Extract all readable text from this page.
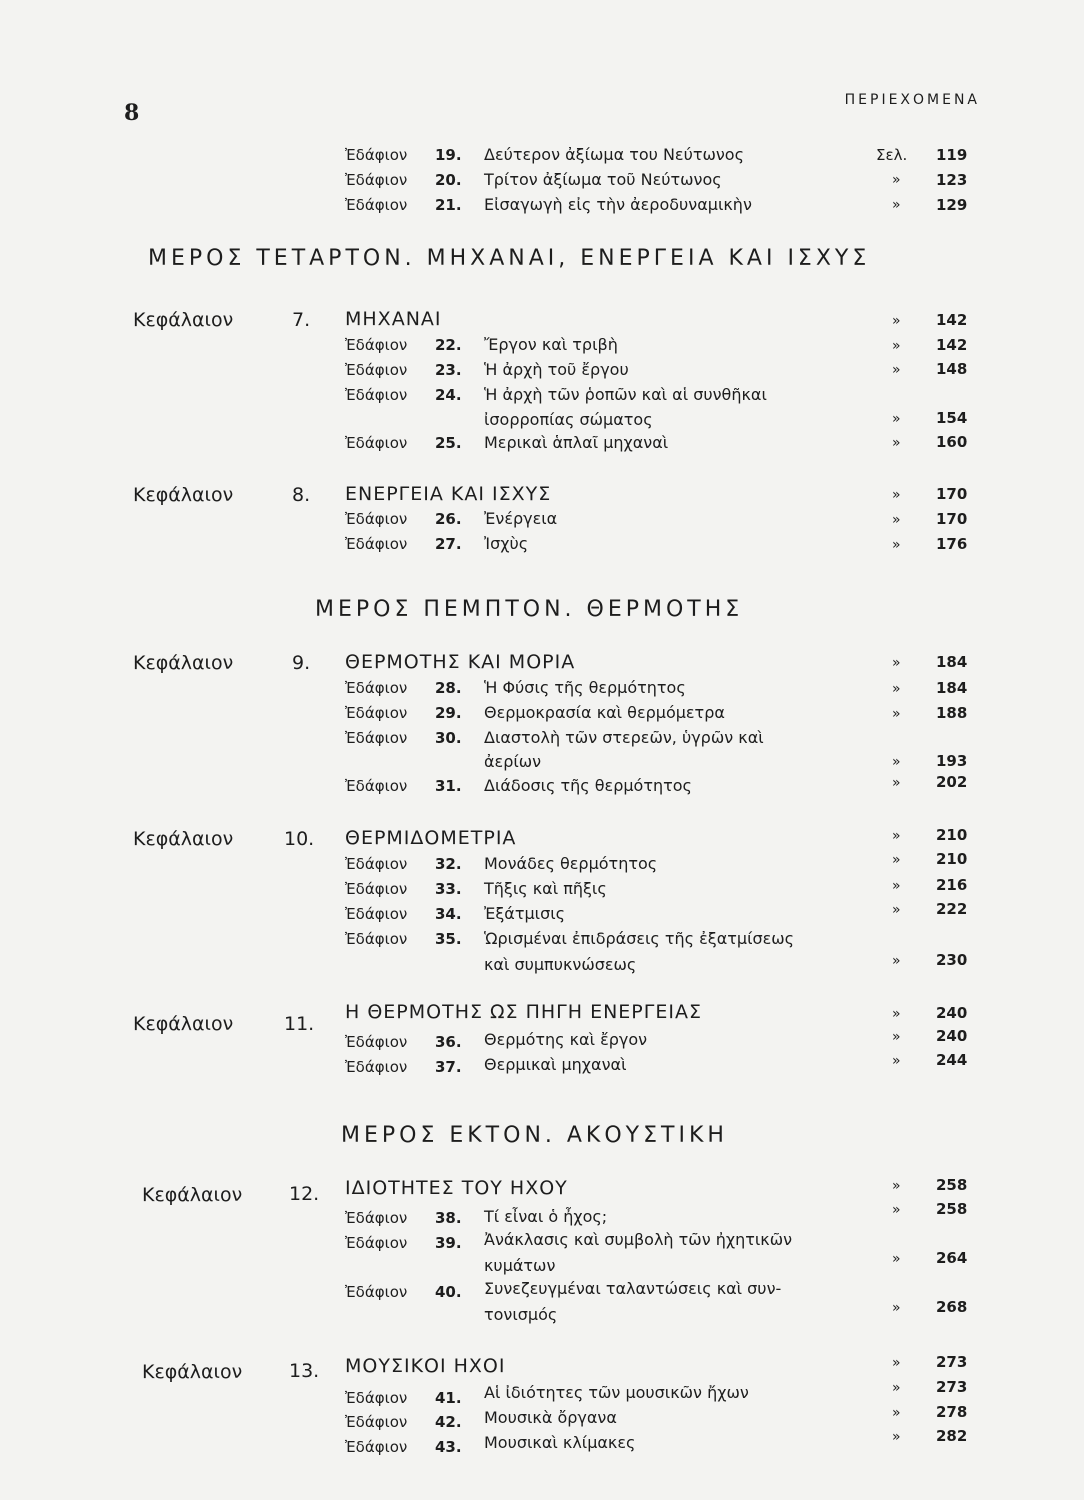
8	ΠΕΡΙΕΧΟΜΕΝΑ
Ἐδάφιον 19. Δεύτερον ἀξίωμα του Νεύτωνος	Σελ. 119
Ἐδάφιον 20. Τρίτον ἀξίωμα τοῦ Νεύτωνος	» 123
Ἐδάφιον 21. Εἰσαγωγὴ εἰς τὴν ἀεροδυναμικὴν	» 129
ΜΕΡΟΣ ΤΕΤΑΡΤΟΝ. ΜΗΧΑΝΑΙ, ΕΝΕΡΓΕΙΑ ΚΑΙ ΙΣΧΥΣ
Κεφάλαιον	7. ΜΗΧΑΝΑΙ	» 142
Ἐδάφιον 22. Ἔργον καὶ τριβὴ	» 142
Ἐδάφιον 23. Ἡ ἀρχὴ τοῦ ἔργου	» 148
Ἐδάφιον 24. Ἡ ἀρχὴ τῶν ῥοπῶν καὶ αἱ συνθῆκαι
ἰσορροπίας σώματος	» 154
Ἐδάφιον 25. Μερικαὶ ἁπλαῖ μηχαναὶ	» 160
Κεφάλαιον	8. ΕΝΕΡΓΕΙΑ ΚΑΙ ΙΣΧΥΣ	» 170
Ἐδάφιον 26. Ἐνέργεια	» 170
Ἐδάφιον 27. Ἰσχὺς	» 176
ΜΕΡΟΣ ΠΕΜΠΤΟΝ. ΘΕΡΜΟΤΗΣ
Κεφάλαιον	9. ΘΕΡΜΟΤΗΣ ΚΑΙ ΜΟΡΙΑ	» 184
Ἐδάφιον 28. Ἡ Φύσις τῆς θερμότητος	» 184
Ἐδάφιον 29. Θερμοκρασία καὶ θερμόμετρα	» 188
Ἐδάφιον 30. Διαστολὴ τῶν στερεῶν, ὑγρῶν καὶ
ἀερίων	» 193
Ἐδάφιον 31. Διάδοσις τῆς θερμότητος	» 202
Κεφάλαιον	10. ΘΕΡΜΙΔΟΜΕΤΡΙΑ	» 210
Ἐδάφιον 32. Μονάδες θερμότητος	» 210
Ἐδάφιον 33. Τῆξις καὶ πῆξις	» 216
Ἐδάφιον 34. Ἐξάτμισις	» 222
Ἐδάφιον 35. Ὡρισμέναι ἐπιδράσεις τῆς ἐξατμίσεως
καὶ συμπυκνώσεως	» 230
Κεφάλαιον	11.
Η ΘΕΡΜΟΤΗΣ ΩΣ ΠΗΓΗ ΕΝΕΡΓΕΙΑΣ	» 240
Ἐδάφιον 36. Θερμότης καὶ ἔργον	» 240
Ἐδάφιον 37. Θερμικαὶ μηχαναὶ	» 244
ΜΕΡΟΣ ΕΚΤΟΝ. ΑΚΟΥΣΤΙΚΗ
Κεφάλαιον 12. ΙΔΙΟΤΗΤΕΣ ΤΟΥ ΗΧΟΥ	» 258
Ἐδάφιον 38. Τί εἶναι ὁ ἦχος;	» 258
Ἐδάφιον 39. Ἀνάκλασις καὶ συμβολὴ τῶν ἠχητικῶν
κυμάτων	» 264
Ἐδάφιον 40. Συνεζευγμέναι ταλαντώσεις καὶ συν-
τονισμός	» 268
Κεφάλαιον 13. ΜΟΥΣΙΚΟΙ ΗΧΟΙ	» 273
Ἐδάφιον 41. Αἱ ἰδιότητες τῶν μουσικῶν ἤχων	» 273
Ἐδάφιον 42. Μουσικὰ ὄργανα	» 278
Ἐδάφιον 43. Μουσικαὶ κλίμακες	» 282
